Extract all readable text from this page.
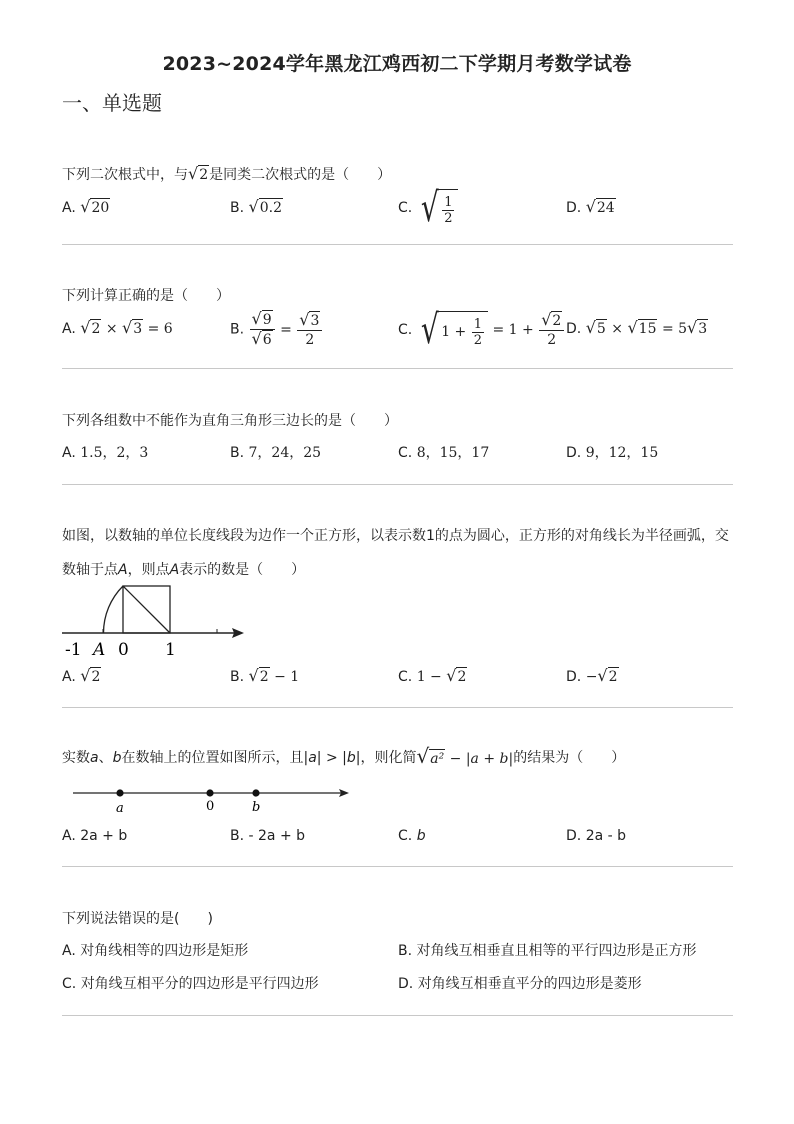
2023~2024学年黑龙江鸡西初二下学期月考数学试卷
一、单选题
下列二次根式中，与√2是同类二次根式的是（　　）
A. √20	B. √0.2	C. √ $\frac{1}{2}$	D. √24
下列计算正确的是（　　）
A. √2 × √3 = 6	B. $\frac{√9}{√6} = \frac{√3}{2}$	C. √ 1 +
$\frac{1}{2} = 1 + \frac{√2}{2} D$. √5 × √15 = 5√3
下列各组数中不能作为直角三角形三边长的是（　　）
A. 1.5，2，3	B. 7，24，25	C. 8，15，17	D. 9，12，15
如图，以数轴的单位长度线段为边作一个正方形，以表示数1的点为圆心，正方形的对角线长为半径画弧，交
数轴于点A，则点A表示的数是（　　）
-1 A 0 1
A. √2	B. √2 − 1	C. 1 − √2	D. −√2
实数 a 、 b 在数轴上的位置如图所示，且| a | > | b |，则化简 √a² − |a + b| 的结果为（　　）
a	0	b
A. 2a + b	B. - 2a + b	C. b	D. 2a - b
下列说法错误的是(　　)
A. 对角线相等的四边形是矩形	B. 对角线互相垂直且相等的平行四边形是正方形
C. 对角线互相平分的四边形是平行四边形	D. 对角线互相垂直平分的四边形是菱形
